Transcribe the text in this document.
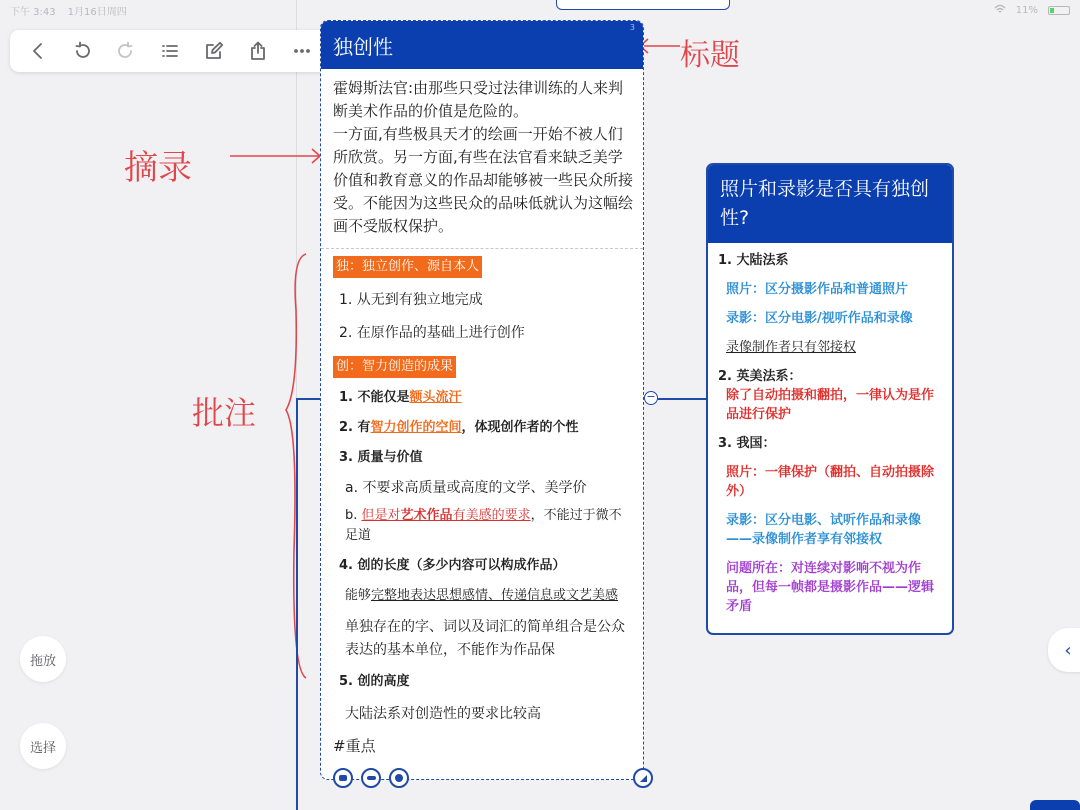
下午 3:43 1月16日周四	11%
拖放
选择
标题
摘录
批注
独创性
3
霍姆斯法官:由那些只受过法律训练的人来判断美术作品的价值是危险的。
一方面,有些极具天才的绘画一开始不被人们所欣赏。另一方面,有些在法官看来缺乏美学价值和教育意义的作品却能够被一些民众所接受。不能因为这些民众的品味低就认为这幅绘画不受版权保护。
独：独立创作、源自本人
1. 从无到有独立地完成
2. 在原作品的基础上进行创作
创：智力创造的成果
1. 不能仅是额头流汗
2. 有智力创作的空间，体现创作者的个性
3. 质量与价值
a. 不要求高质量或高度的文学、美学价
b. 但是对艺术作品有美感的要求，不能过于微不足道
4. 创的长度（多少内容可以构成作品）
能够完整地表达思想感情、传递信息或文艺美感
单独存在的字、词以及词汇的简单组合是公众表达的基本单位，不能作为作品保
5. 创的高度
大陆法系对创造性的要求比较高
#重点
−
照片和录影是否具有独创性?
1. 大陆法系
照片：区分摄影作品和普通照片
录影：区分电影/视听作品和录像
录像制作者只有邻接权
2. 英美法系：
除了自动拍摄和翻拍，一律认为是作品进行保护
3. 我国：
照片：一律保护（翻拍、自动拍摄除外）
录影：区分电影、试听作品和录像——录像制作者享有邻接权
问题所在：对连续对影响不视为作品，但每一帧都是摄影作品——逻辑矛盾
‹
